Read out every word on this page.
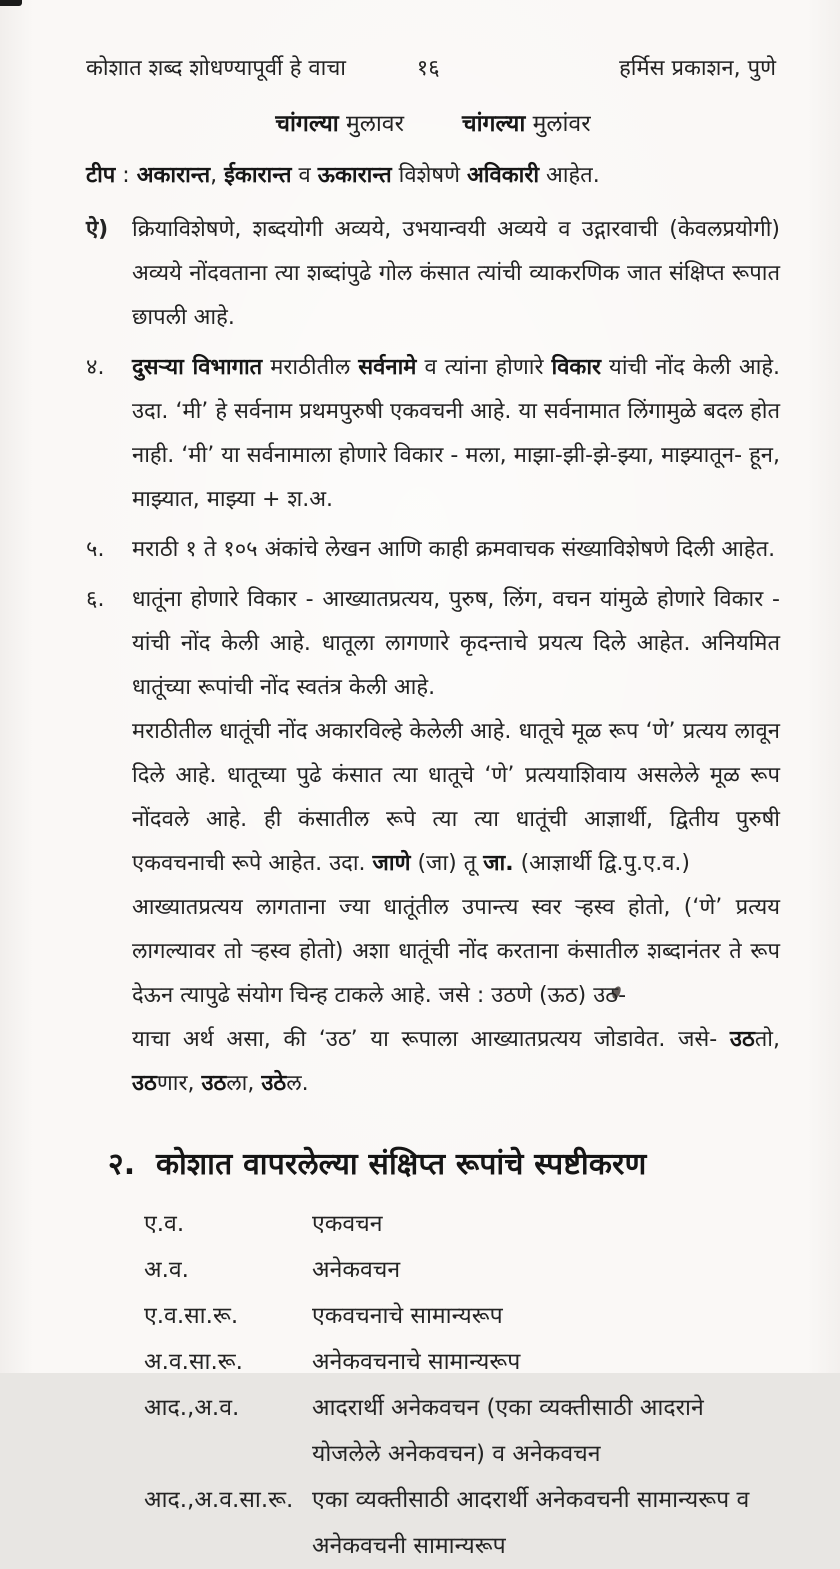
कोशात शब्द शोधण्यापूर्वी हे वाचा	१६	हर्मिस प्रकाशन, पुणे
चांगल्या मुलावर	चांगल्या मुलांवर

टीप : अकारान्त, ईकारान्त व ऊकारान्त विशेषणे अविकारी आहेत.

ऐ)	क्रियाविशेषणे, शब्दयोगी अव्यये, उभयान्वयी अव्यये व उद्गारवाची (केवलप्रयोगी) अव्यये नोंदवताना त्या शब्दांपुढे गोल कंसात त्यांची व्याकरणिक जात संक्षिप्त रूपात छापली आहे.

४.	दुसऱ्या विभागात मराठीतील सर्वनामे व त्यांना होणारे विकार यांची नोंद केली आहे. उदा. ‘मी’ हे सर्वनाम प्रथमपुरुषी एकवचनी आहे. या सर्वनामात लिंगामुळे बदल होत नाही. ‘मी’ या सर्वनामाला होणारे विकार - मला, माझा-झी-झे-झ्या, माझ्यातून- हून, माझ्यात, माझ्या + श.अ.

५.	मराठी १ ते १०५ अंकांचे लेखन आणि काही क्रमवाचक संख्याविशेषणे दिली आहेत.

६.	धातूंना होणारे विकार - आख्यातप्रत्यय, पुरुष, लिंग, वचन यांमुळे होणारे विकार - यांची नोंद केली आहे. धातूला लागणारे कृदन्ताचे प्रयत्य दिले आहेत. अनियमित धातूंच्या रूपांची नोंद स्वतंत्र केली आहे.

मराठीतील धातूंची नोंद अकारविल्हे केलेली आहे. धातूचे मूळ रूप ‘णे’ प्रत्यय लावून दिले आहे. धातूच्या पुढे कंसात त्या धातूचे ‘णे’ प्रत्ययाशिवाय असलेले मूळ रूप नोंदवले आहे. ही कंसातील रूपे त्या त्या धातूंची आज्ञार्थी, द्वितीय पुरुषी एकवचनाची रूपे आहेत. उदा. जाणे (जा) तू जा. (आज्ञार्थी द्वि.पु.ए.व.)

आख्यातप्रत्यय लागताना ज्या धातूंतील उपान्त्य स्वर ऱ्हस्व होतो, (‘णे’ प्रत्यय लागल्यावर तो ऱ्हस्व होतो) अशा धातूंची नोंद करताना कंसातील शब्दानंतर ते रूप देऊन त्यापुढे संयोग चिन्ह टाकले आहे. जसे : उठणे (ऊठ) उठ-

याचा अर्थ असा, की ‘उठ’ या रूपाला आख्यातप्रत्यय जोडावेत. जसे- उठतो, उठणार, उठला, उठेल.

२. कोशात वापरलेल्या संक्षिप्त रूपांचे स्पष्टीकरण
ए.व.	एकवचन
अ.व.	अनेकवचन
ए.व.सा.रू.	एकवचनाचे सामान्यरूप
अ.व.सा.रू.	अनेकवचनाचे सामान्यरूप
आद.,अ.व.	आदरार्थी अनेकवचन (एका व्यक्तीसाठी आदराने योजलेले अनेकवचन) व अनेकवचन
आद.,अ.व.सा.रू. एका व्यक्तीसाठी आदरार्थी अनेकवचनी सामान्यरूप व अनेकवचनी सामान्यरूप
